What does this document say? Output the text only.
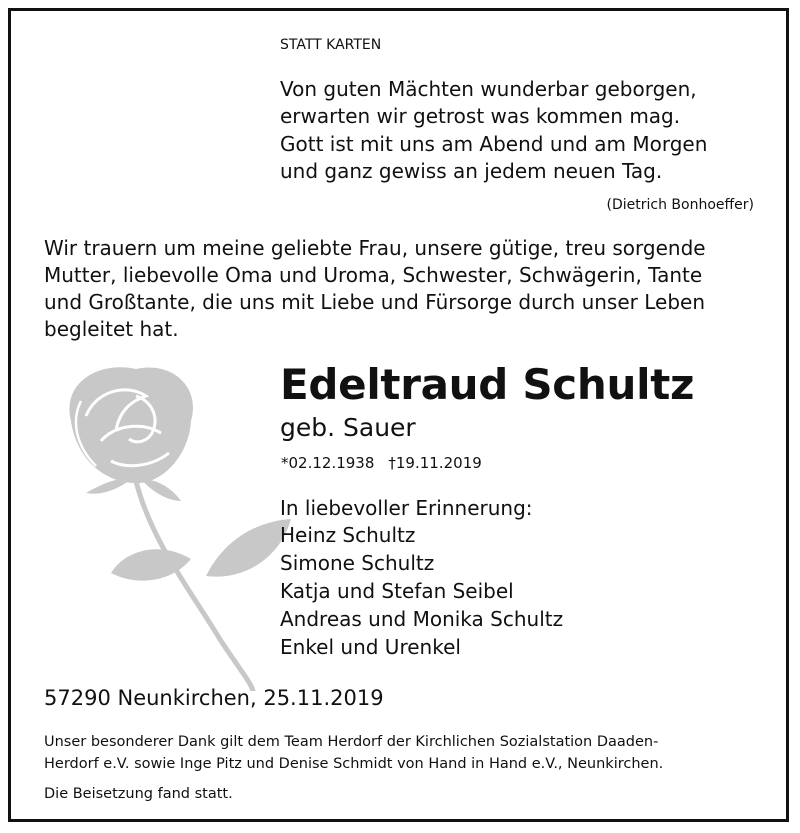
STATT KARTEN
Von guten Mächten wunderbar geborgen,
erwarten wir getrost was kommen mag.
Gott ist mit uns am Abend und am Morgen
und ganz gewiss an jedem neuen Tag.
(Dietrich Bonhoeffer)
Wir trauern um meine geliebte Frau, unsere gütige, treu sorgende
Mutter, liebevolle Oma und Uroma, Schwester, Schwägerin, Tante
und Großtante, die uns mit Liebe und Fürsorge durch unser Leben
begleitet hat.
Edeltraud Schultz
geb. Sauer
*02.12.1938 †19.11.2019
In liebevoller Erinnerung:
Heinz Schultz
Simone Schultz
Katja und Stefan Seibel
Andreas und Monika Schultz
Enkel und Urenkel
57290 Neunkirchen, 25.11.2019
Unser besonderer Dank gilt dem Team Herdorf der Kirchlichen Sozialstation Daaden-
Herdorf e.V. sowie Inge Pitz und Denise Schmidt von Hand in Hand e.V., Neunkirchen.
Die Beisetzung fand statt.
